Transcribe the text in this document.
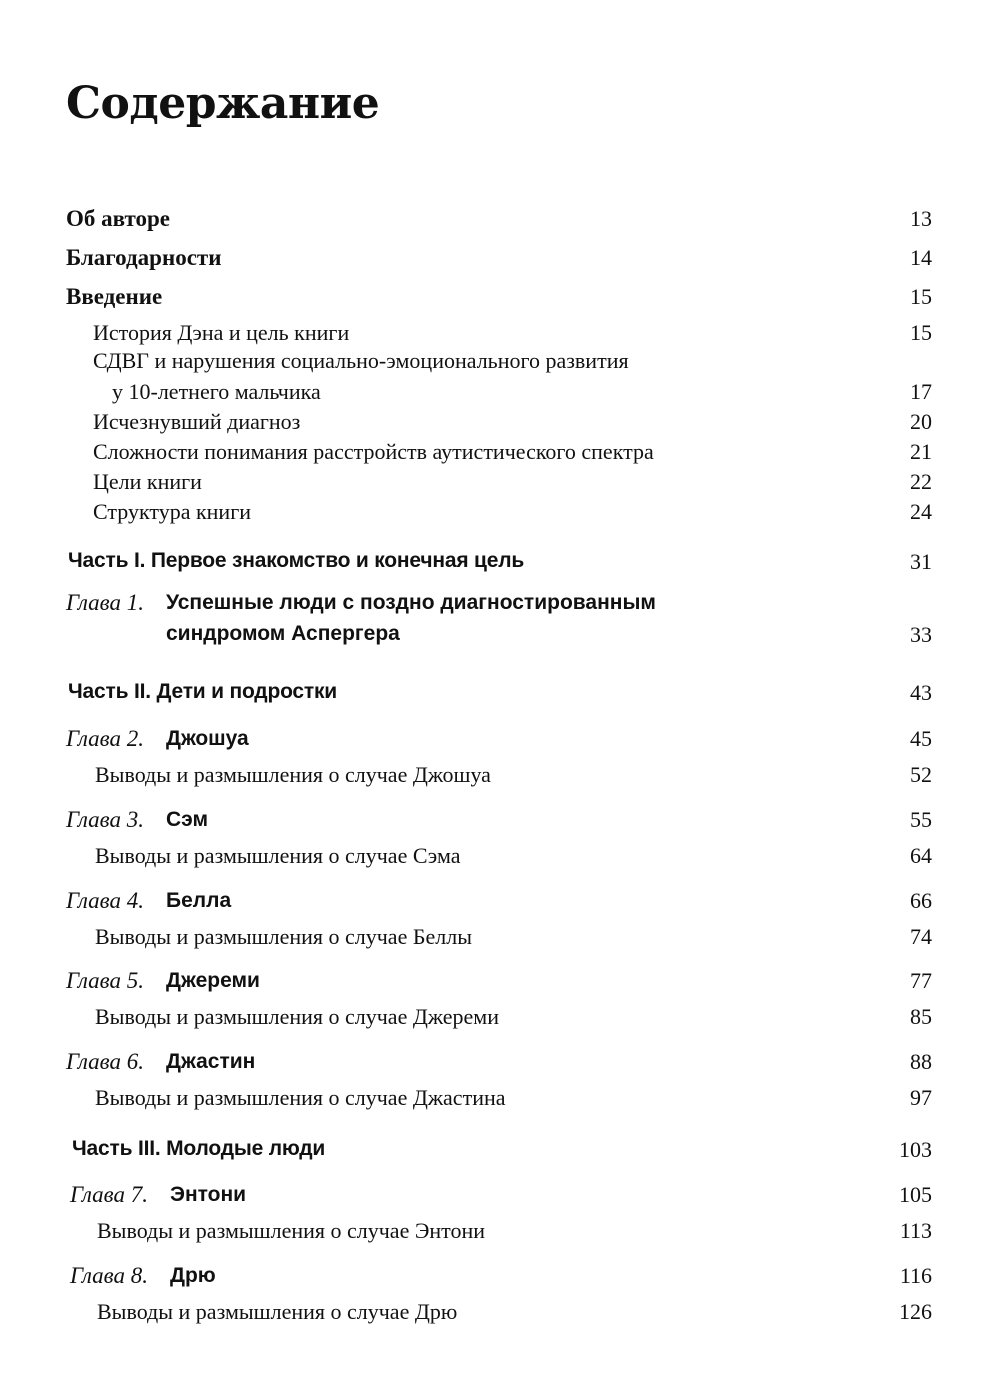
Содержание
Об авторе	13
Благодарности	14
Введение	15
История Дэна и цель книги	15
СДВГ и нарушения социально-эмоционального развития
у 10-летнего мальчика	17
Исчезнувший диагноз	20
Сложности понимания расстройств аутистического спектра	21
Цели книги	22
Структура книги	24
Часть I. Первое знакомство и конечная цель	31
Глава 1. Успешные люди с поздно диагностированным
синдромом Аспергера	33
Часть II. Дети и подростки	43
Глава 2. Джошуа	45
Выводы и размышления о случае Джошуа	52
Глава 3. Сэм	55
Выводы и размышления о случае Сэма	64
Глава 4. Белла	66
Выводы и размышления о случае Беллы	74
Глава 5. Джереми	77
Выводы и размышления о случае Джереми	85
Глава 6. Джастин	88
Выводы и размышления о случае Джастина	97
Часть III. Молодые люди	103
Глава 7. Энтони	105
Выводы и размышления о случае Энтони	113
Глава 8. Дрю	116
Выводы и размышления о случае Дрю	126
